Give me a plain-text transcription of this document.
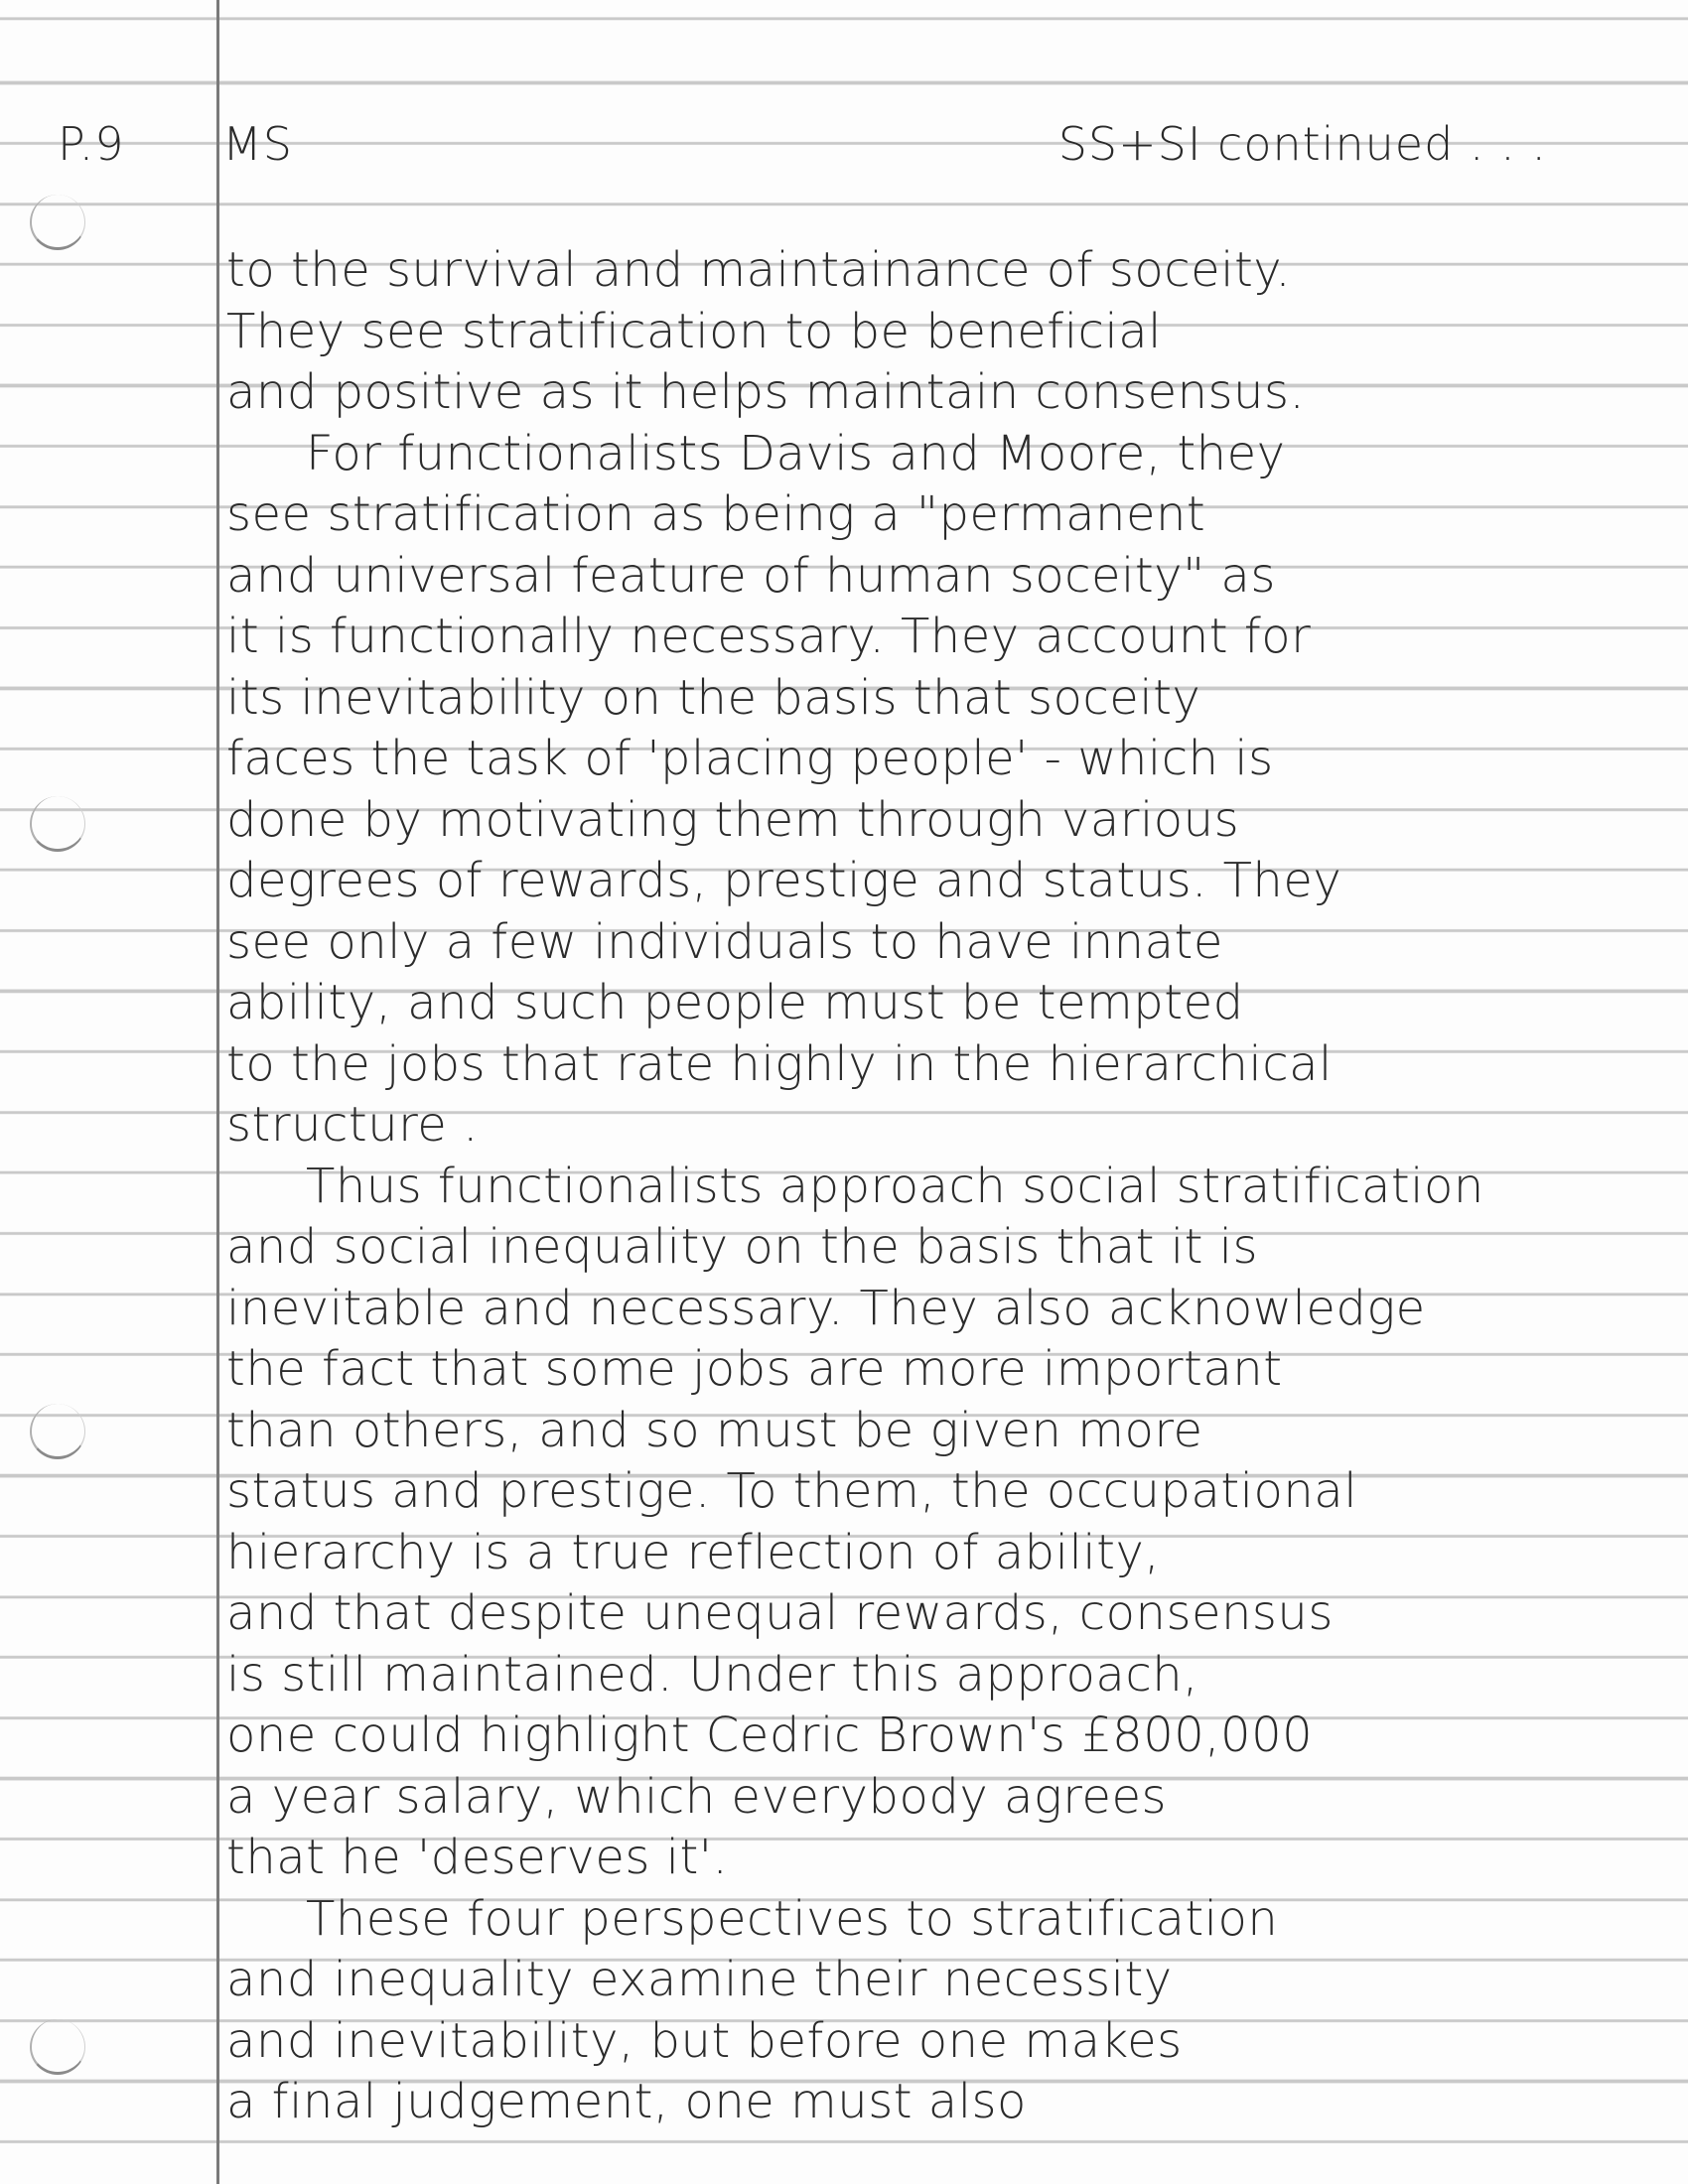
P.9 MS	SS+SI continued . . .
to the survival and maintainance of soceity.
They see stratification to be beneficial
and positive as it helps maintain consensus.
For functionalists Davis and Moore, they
see stratification as being a "permanent
and universal feature of human soceity" as
it is functionally necessary. They account for
its inevitability on the basis that soceity
faces the task of 'placing people' - which is
done by motivating them through various
degrees of rewards, prestige and status. They
see only a few individuals to have innate
ability, and such people must be tempted
to the jobs that rate highly in the hierarchical
structure .
Thus functionalists approach social stratification
and social inequality on the basis that it is
inevitable and necessary. They also acknowledge
the fact that some jobs are more important
than others, and so must be given more
status and prestige. To them, the occupational
hierarchy is a true reflection of ability,
and that despite unequal rewards, consensus
is still maintained. Under this approach,
one could highlight Cedric Brown's £800,000
a year salary, which everybody agrees
that he 'deserves it'.
These four perspectives to stratification
and inequality examine their necessity
and inevitability, but before one makes
a final judgement, one must also
